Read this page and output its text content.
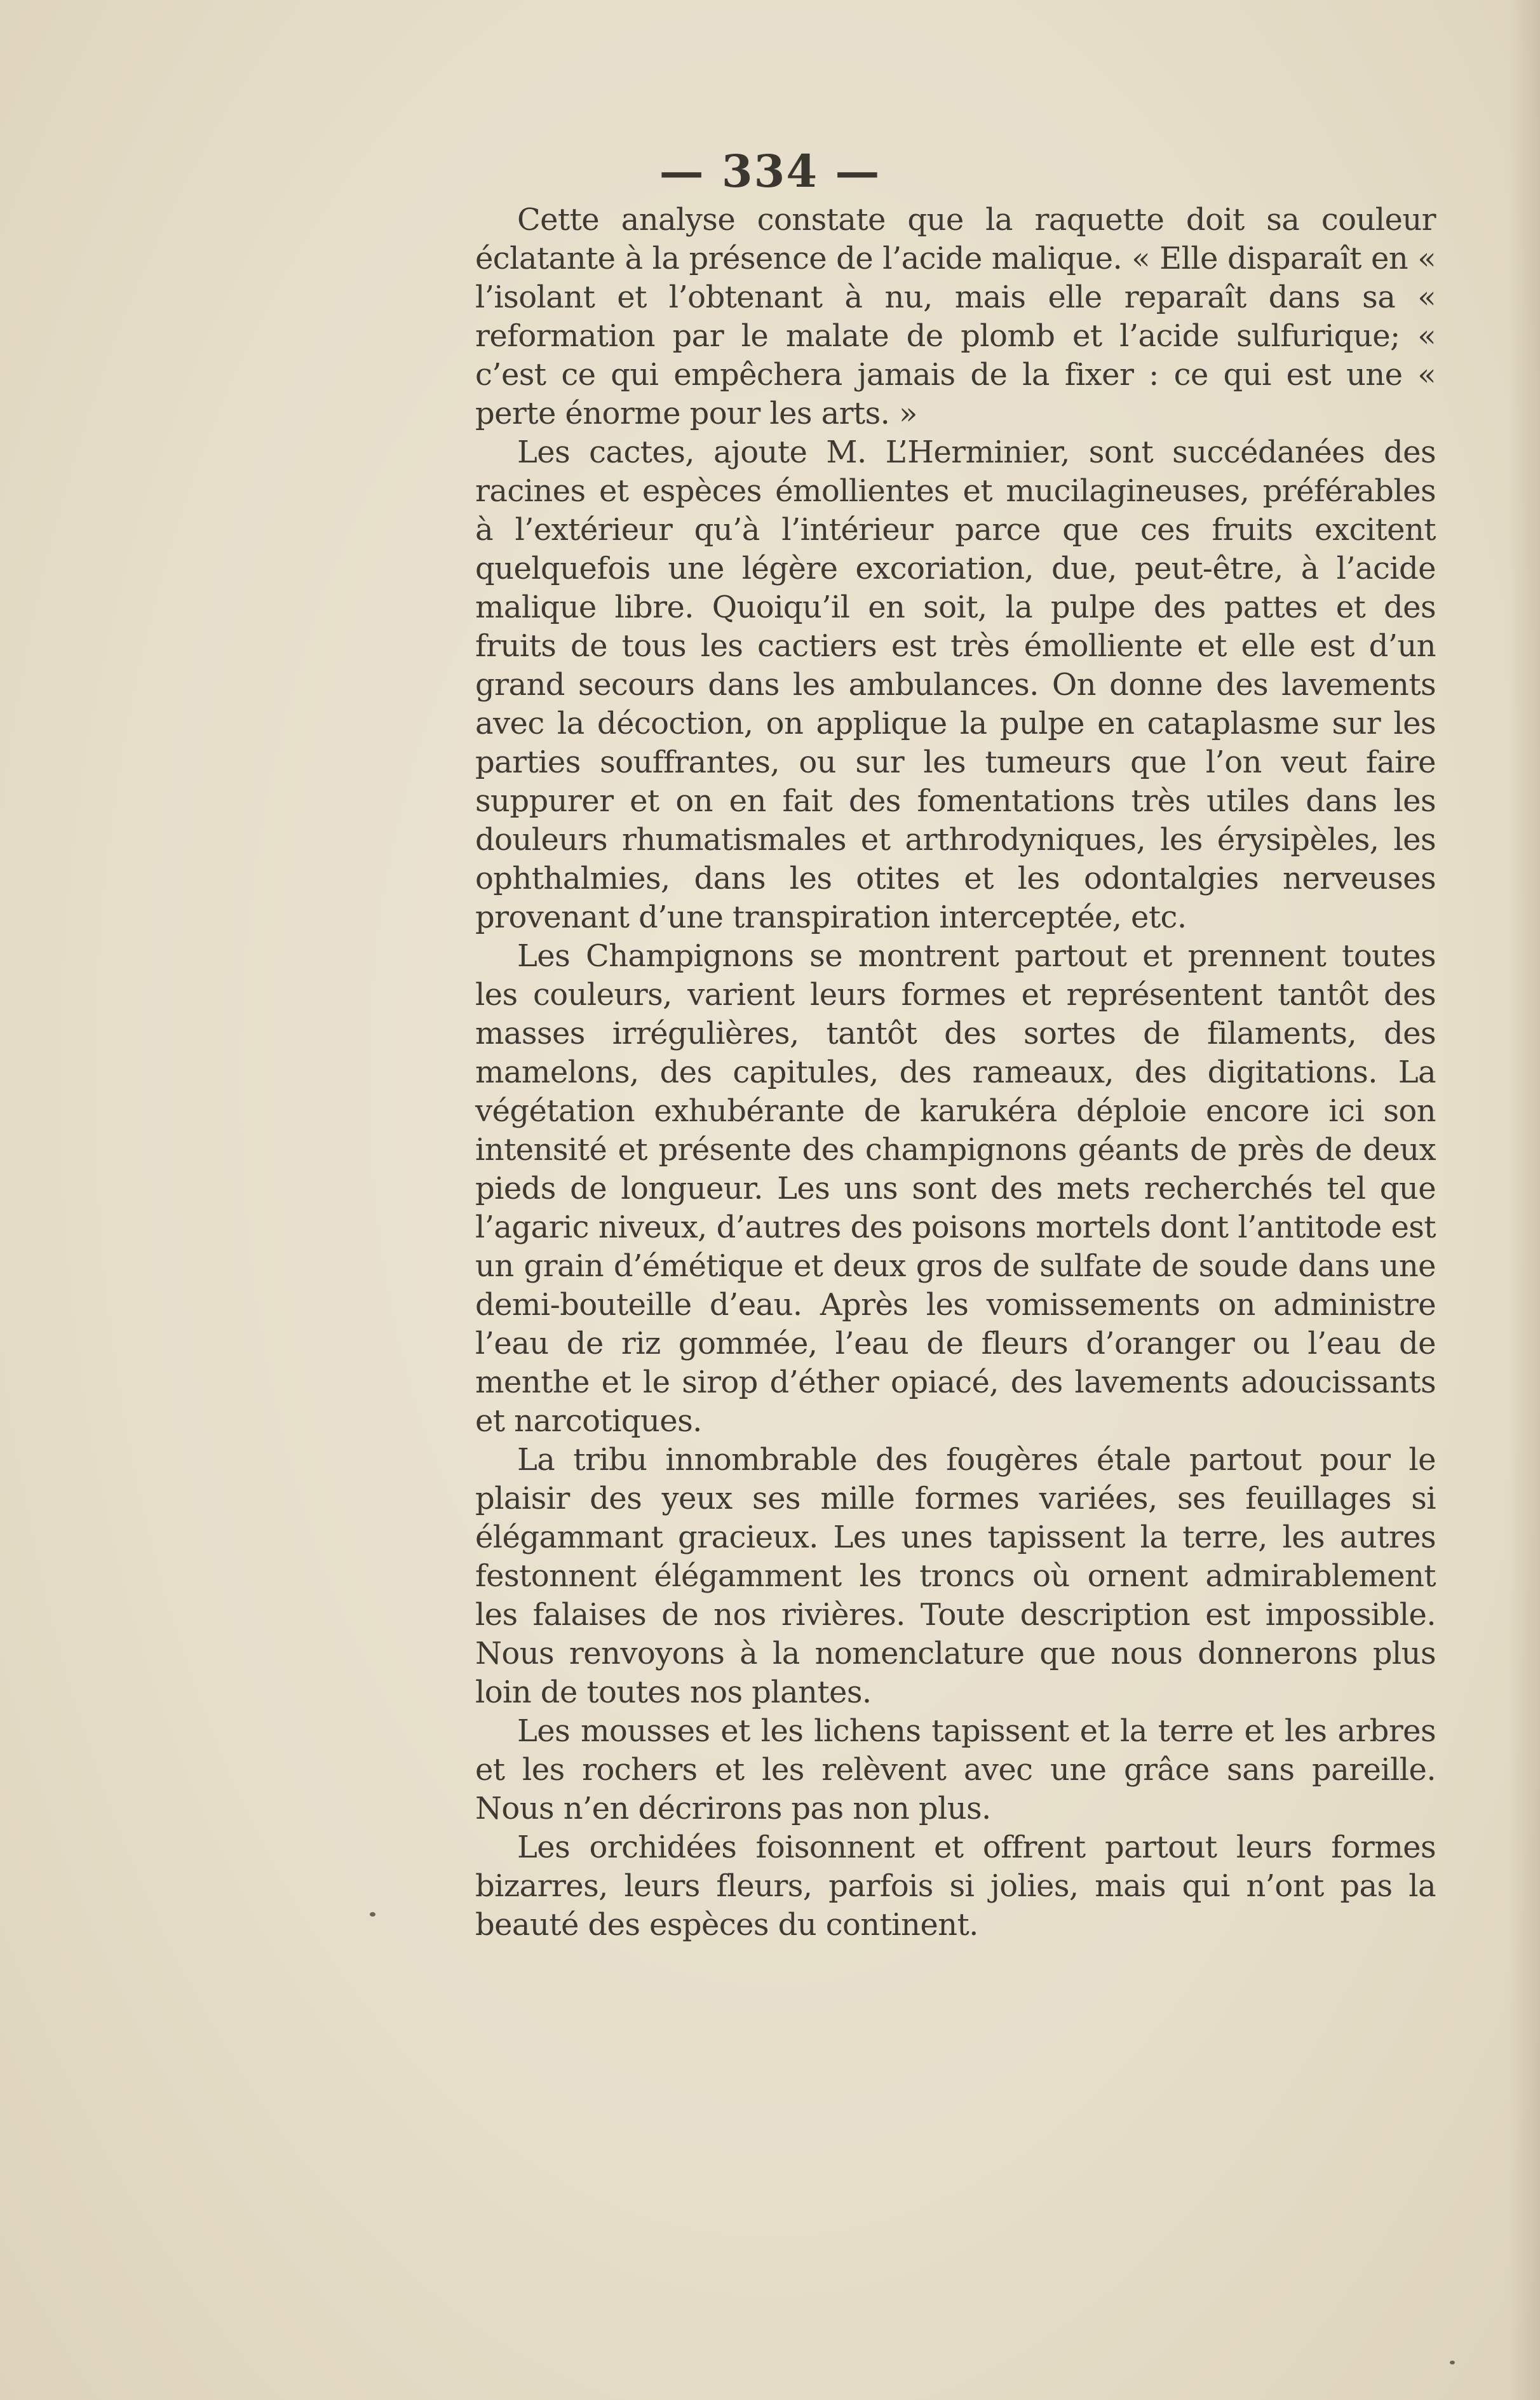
— 334 —

Cette analyse constate que la raquette doit sa couleur éclatante à la présence de l’acide malique. « Elle disparaît en « l’isolant et l’obtenant à nu, mais elle reparaît dans sa « reformation par le malate de plomb et l’acide sulfurique; « c’est ce qui empêchera jamais de la fixer : ce qui est une « perte énorme pour les arts. »

Les cactes, ajoute M. L’Herminier, sont succédanées des racines et espèces émollientes et mucilagineuses, préférables à l’extérieur qu’à l’intérieur parce que ces fruits excitent quelquefois une légère excoriation, due, peut-être, à l’acide malique libre. Quoiqu’il en soit, la pulpe des pattes et des fruits de tous les cactiers est très émolliente et elle est d’un grand secours dans les ambulances. On donne des lavements avec la décoction, on applique la pulpe en cataplasme sur les parties souffrantes, ou sur les tumeurs que l’on veut faire suppurer et on en fait des fomentations très utiles dans les douleurs rhumatismales et arthrodyniques, les érysipèles, les ophthalmies, dans les otites et les odontalgies nerveuses provenant d’une transpiration interceptée, etc.

Les Champignons se montrent partout et prennent toutes les couleurs, varient leurs formes et représentent tantôt des masses irrégulières, tantôt des sortes de filaments, des mamelons, des capitules, des rameaux, des digitations. La végétation exhubérante de karukéra déploie encore ici son intensité et présente des champignons géants de près de deux pieds de longueur. Les uns sont des mets recherchés tel que l’agaric niveux, d’autres des poisons mortels dont l’antitode est un grain d’émétique et deux gros de sulfate de soude dans une demi-bouteille d’eau. Après les vomissements on administre l’eau de riz gommée, l’eau de fleurs d’oranger ou l’eau de menthe et le sirop d’éther opiacé, des lavements adoucissants et narcotiques.

La tribu innombrable des fougères étale partout pour le plaisir des yeux ses mille formes variées, ses feuillages si élégammant gracieux. Les unes tapissent la terre, les autres festonnent élégamment les troncs où ornent admirablement les falaises de nos rivières. Toute description est impossible. Nous renvoyons à la nomenclature que nous donnerons plus loin de toutes nos plantes.

Les mousses et les lichens tapissent et la terre et les arbres et les rochers et les relèvent avec une grâce sans pareille. Nous n’en décrirons pas non plus.

Les orchidées foisonnent et offrent partout leurs formes bizarres, leurs fleurs, parfois si jolies, mais qui n’ont pas la beauté des espèces du continent.
